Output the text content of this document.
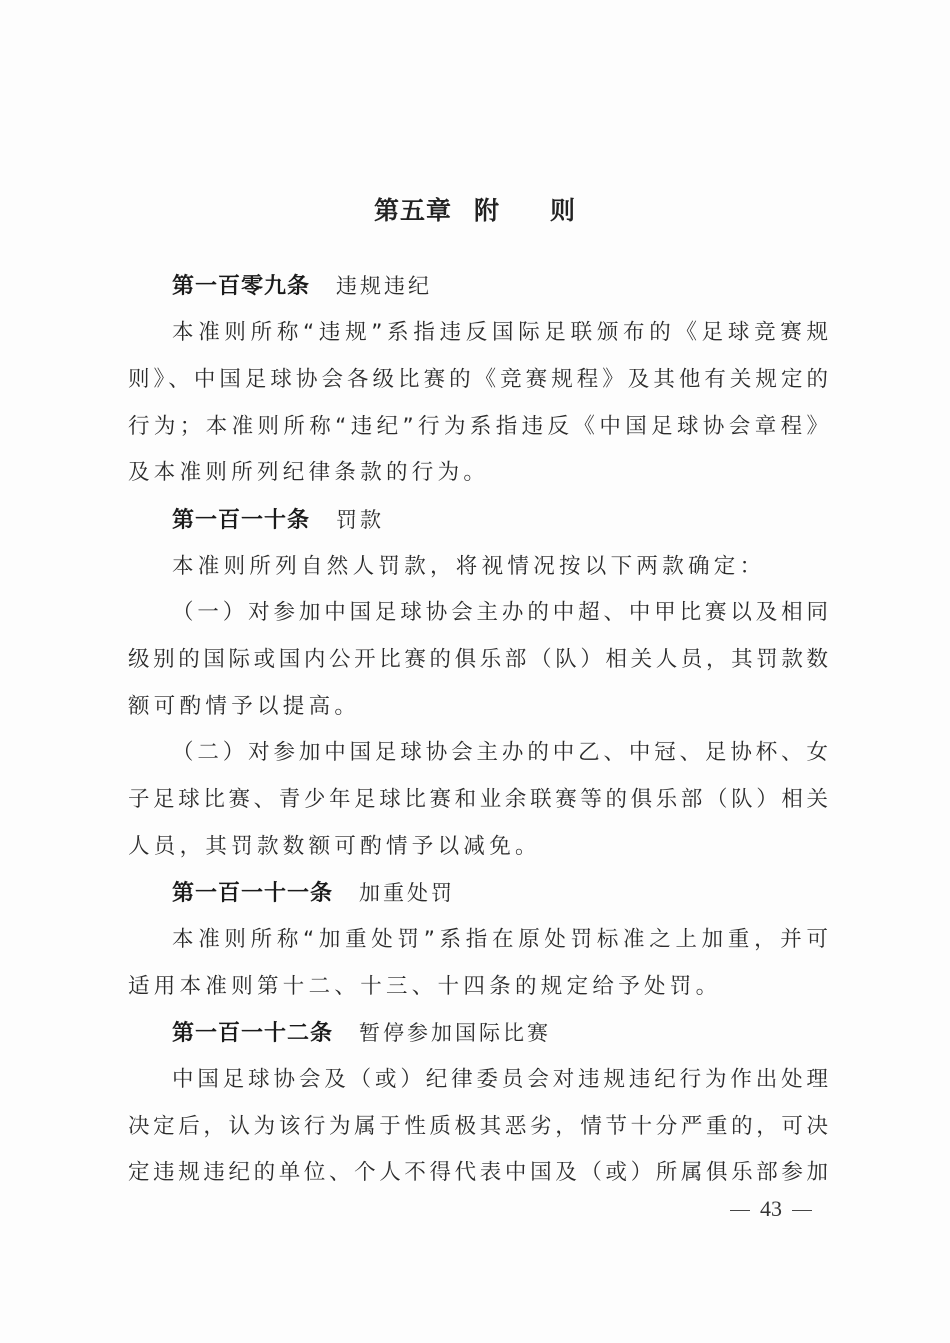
第五章 附 则
第一百零九条 违规违纪
本准则所称“违规”系指违反国际足联颁布的《足球竞赛规
则》、中国足球协会各级比赛的《竞赛规程》及其他有关规定的
行为；本准则所称“违纪”行为系指违反《中国足球协会章程》
及本准则所列纪律条款的行为。
第一百一十条 罚款
本准则所列自然人罚款，将视情况按以下两款确定：
（一）对参加中国足球协会主办的中超、中甲比赛以及相同
级别的国际或国内公开比赛的俱乐部（队）相关人员，其罚款数
额可酌情予以提高。
（二）对参加中国足球协会主办的中乙、中冠、足协杯、女
子足球比赛、青少年足球比赛和业余联赛等的俱乐部（队）相关
人员，其罚款数额可酌情予以减免。
第一百一十一条 加重处罚
本准则所称“加重处罚”系指在原处罚标准之上加重，并可
适用本准则第十二、十三、十四条的规定给予处罚。
第一百一十二条 暂停参加国际比赛
中国足球协会及（或）纪律委员会对违规违纪行为作出处理
决定后，认为该行为属于性质极其恶劣，情节十分严重的，可决
定违规违纪的单位、个人不得代表中国及（或）所属俱乐部参加
43
